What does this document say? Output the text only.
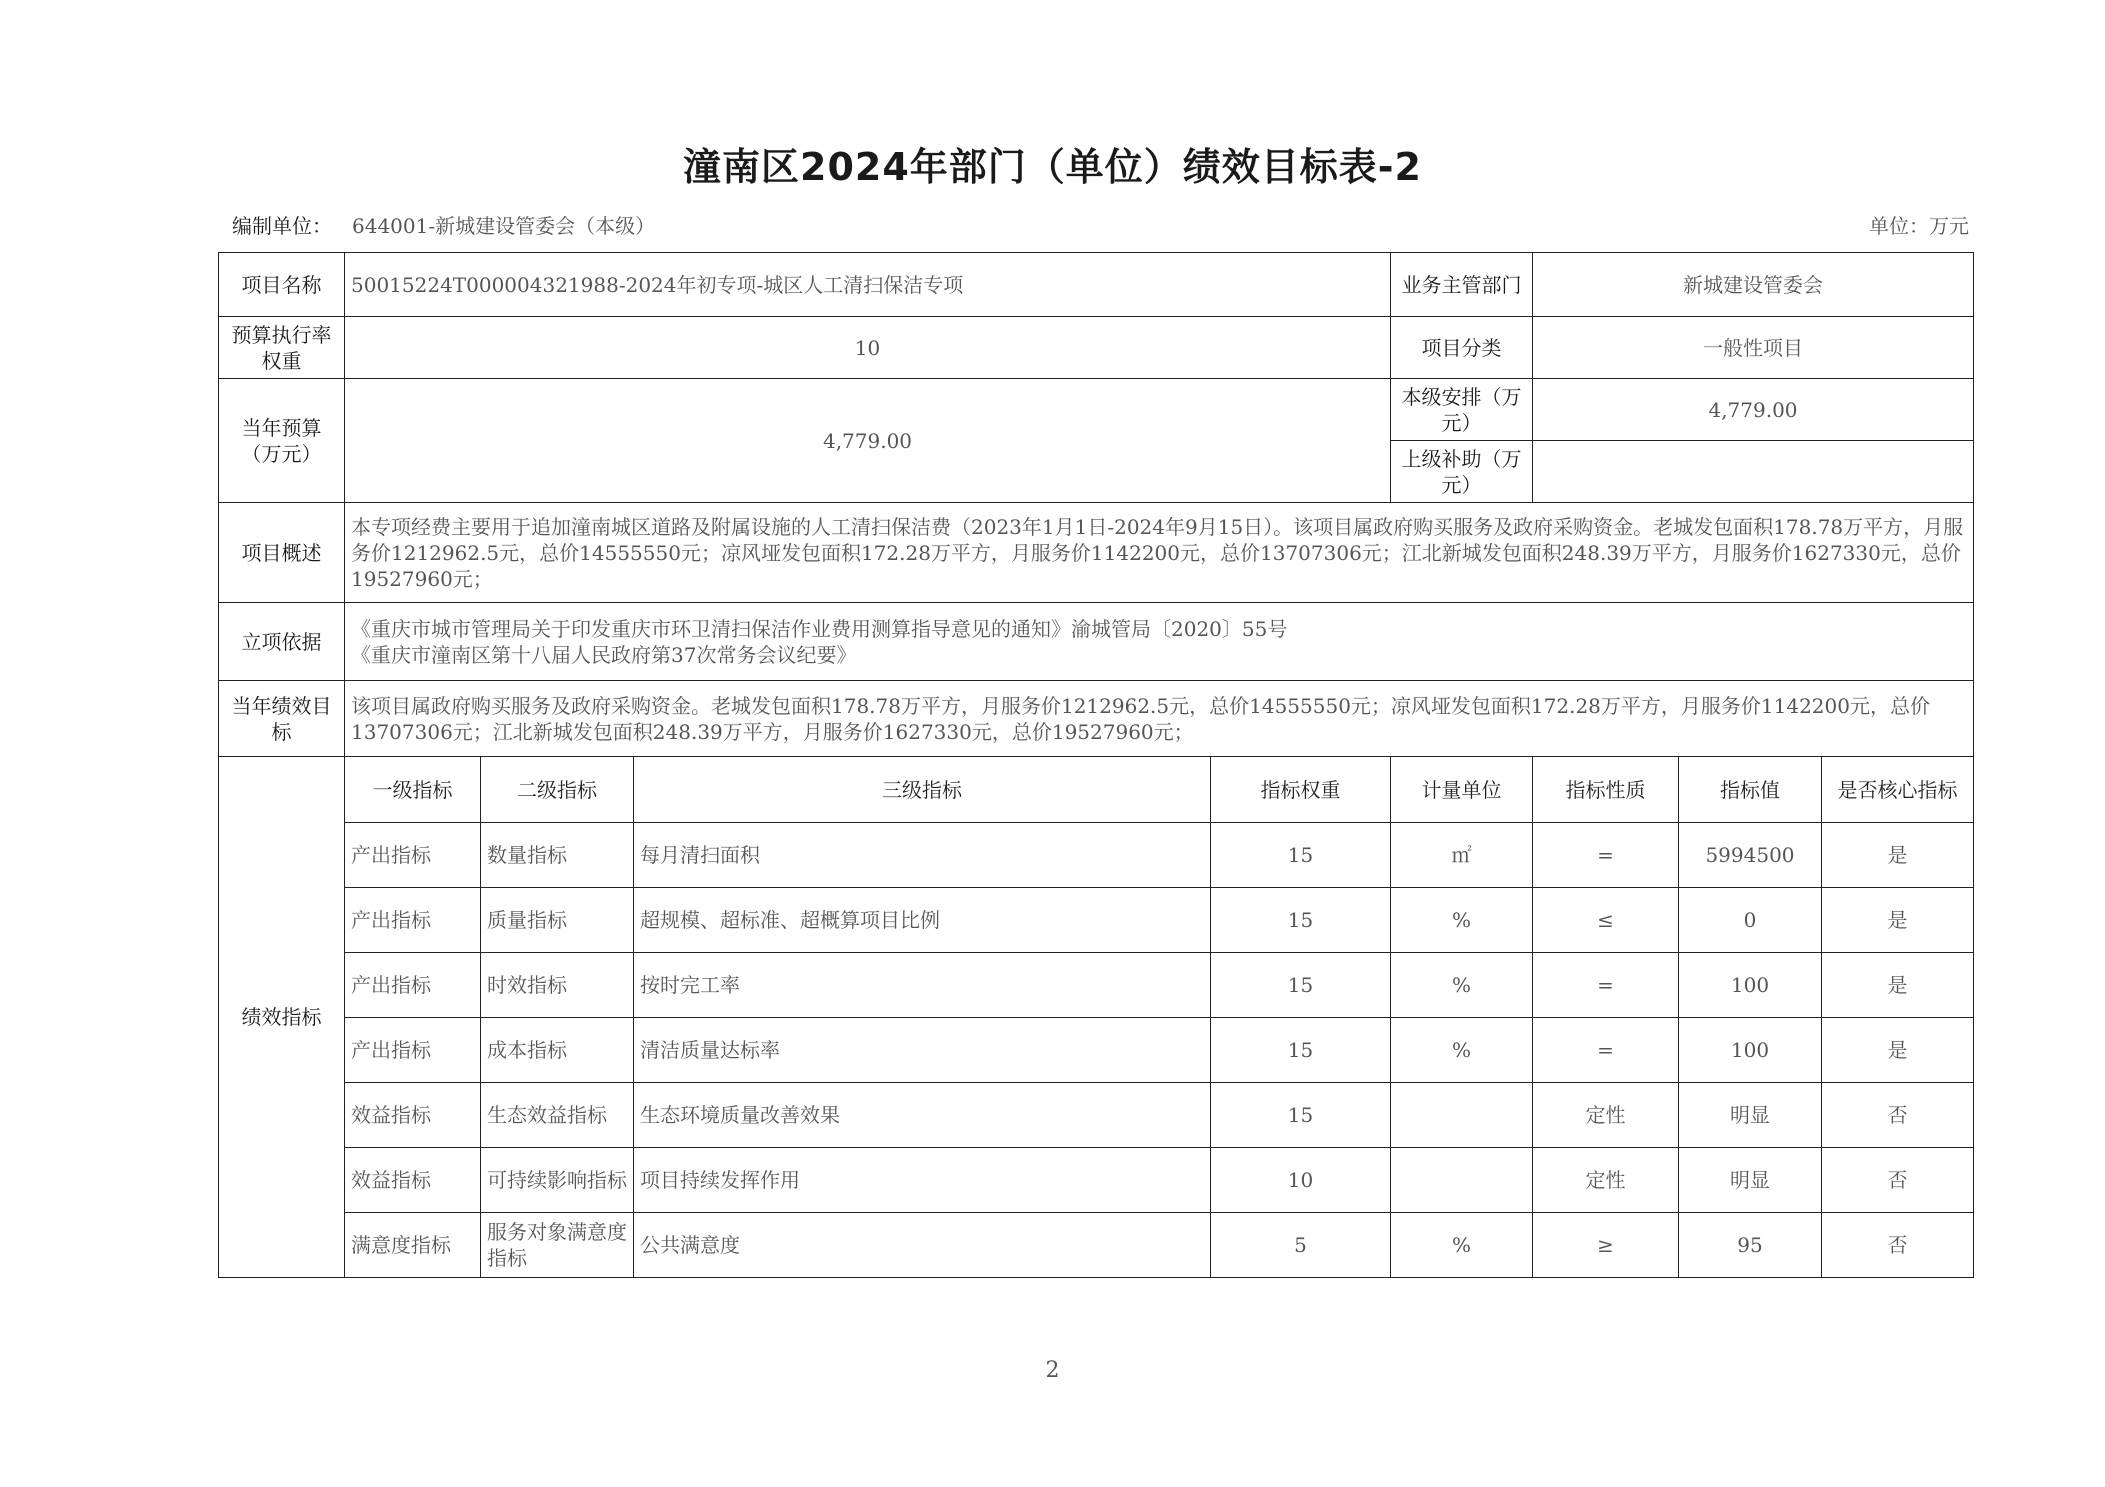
潼南区2024年部门（单位）绩效目标表-2
编制单位： 644001-新城建设管委会（本级）	单位：万元
项目名称	50015224T000004321988-2024年初专项-城区人工清扫保洁专项				业务主管部门	新城建设管委会		
预算执行率权重	10				项目分类	一般性项目		
当年预算（万元）	4,779.00				本级安排（万元）	4,779.00		
					上级补助（万元）			
项目概述	本专项经费主要用于追加潼南城区道路及附属设施的人工清扫保洁费（2023年1月1日-2024年9月15日）。该项目属政府购买服务及政府采购资金。老城发包面积178.78万平方，月服务价1212962.5元，总价14555550元；凉风垭发包面积172.28万平方，月服务价1142200元，总价13707306元；江北新城发包面积248.39万平方，月服务价1627330元，总价19527960元；							
立项依据	《重庆市城市管理局关于印发重庆市环卫清扫保洁作业费用测算指导意见的通知》渝城管局〔2020〕55号
《重庆市潼南区第十八届人民政府第37次常务会议纪要》							

当年绩效目标	该项目属政府购买服务及政府采购资金。老城发包面积178.78万平方，月服务价1212962.5元，总价14555550元；凉风垭发包面积172.28万平方，月服务价1142200元，总价13707306元；江北新城发包面积248.39万平方，月服务价1627330元，总价19527960元；							
绩效指标	一级指标	二级指标	三级指标	指标权重	计量单位	指标性质	指标值	是否核心指标
	产出指标	数量指标	每月清扫面积	15	㎡	=	5994500	是
	产出指标	质量指标	超规模、超标准、超概算项目比例	15	%	≤	0	是
	产出指标	时效指标	按时完工率	15	%	=	100	是
	产出指标	成本指标	清洁质量达标率	15	%	=	100	是
	效益指标	生态效益指标	生态环境质量改善效果	15		定性	明显	否
	效益指标	可持续影响指标	项目持续发挥作用	10		定性	明显	否
	满意度指标	服务对象满意度指标	公共满意度	5	%	≥	95	否
2
